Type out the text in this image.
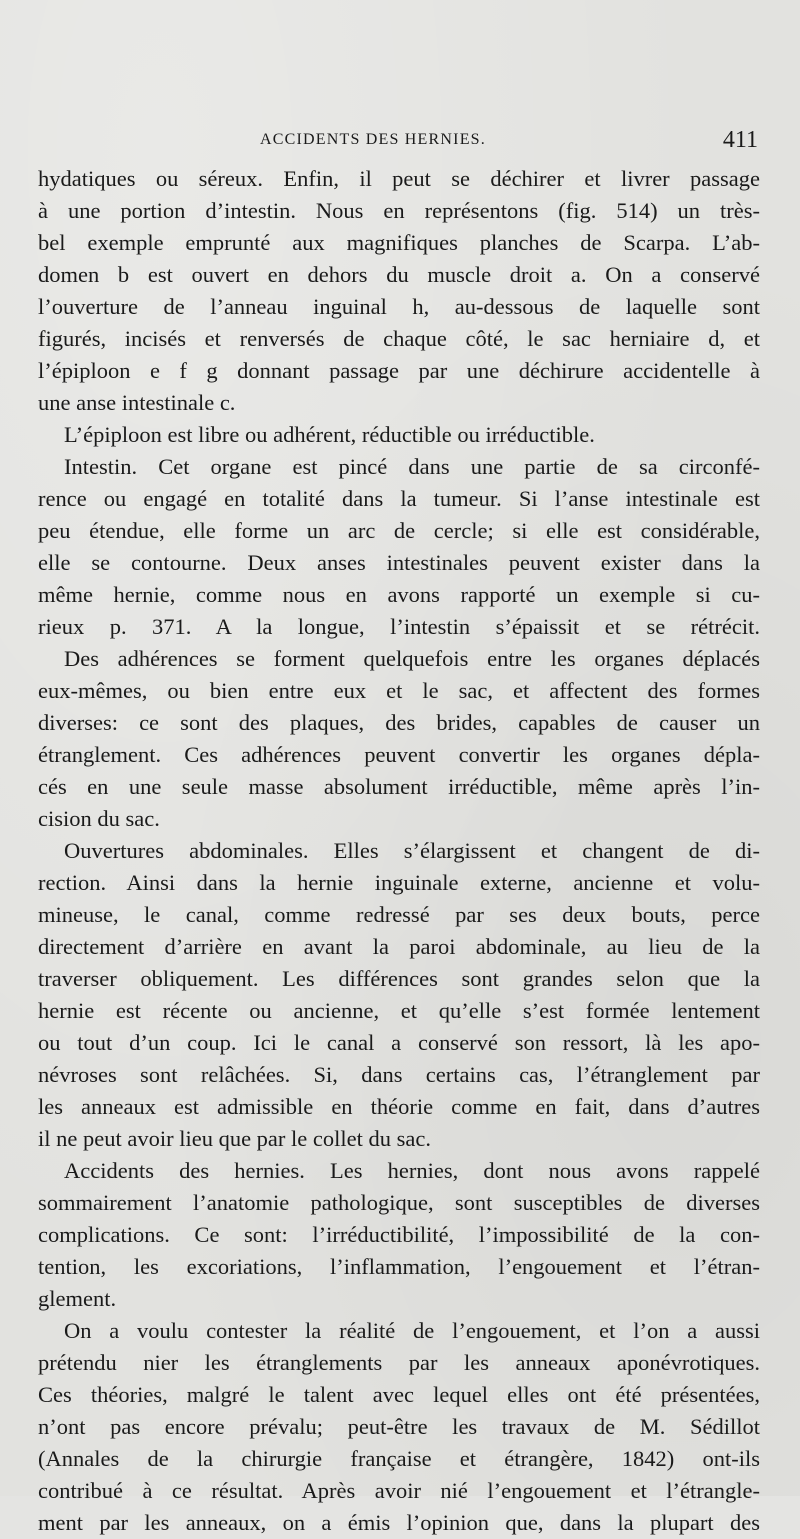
ACCIDENTS DES HERNIES.	411
hydatiques ou séreux. Enfin, il peut se déchirer et livrer passage
à une portion d’intestin. Nous en représentons (fig. 514) un très-
bel exemple emprunté aux magnifiques planches de Scarpa. L’ab-
domen b est ouvert en dehors du muscle droit a. On a conservé
l’ouverture de l’anneau inguinal h, au-dessous de laquelle sont
figurés, incisés et renversés de chaque côté, le sac herniaire d, et
l’épiploon e f g donnant passage par une déchirure accidentelle à
une anse intestinale c.
L’épiploon est libre ou adhérent, réductible ou irréductible.
Intestin. Cet organe est pincé dans une partie de sa circonfé-
rence ou engagé en totalité dans la tumeur. Si l’anse intestinale est
peu étendue, elle forme un arc de cercle; si elle est considérable,
elle se contourne. Deux anses intestinales peuvent exister dans la
même hernie, comme nous en avons rapporté un exemple si cu-
rieux p. 371. A la longue, l’intestin s’épaissit et se rétrécit.
Des adhérences se forment quelquefois entre les organes déplacés
eux-mêmes, ou bien entre eux et le sac, et affectent des formes
diverses: ce sont des plaques, des brides, capables de causer un
étranglement. Ces adhérences peuvent convertir les organes dépla-
cés en une seule masse absolument irréductible, même après l’in-
cision du sac.
Ouvertures abdominales. Elles s’élargissent et changent de di-
rection. Ainsi dans la hernie inguinale externe, ancienne et volu-
mineuse, le canal, comme redressé par ses deux bouts, perce
directement d’arrière en avant la paroi abdominale, au lieu de la
traverser obliquement. Les différences sont grandes selon que la
hernie est récente ou ancienne, et qu’elle s’est formée lentement
ou tout d’un coup. Ici le canal a conservé son ressort, là les apo-
névroses sont relâchées. Si, dans certains cas, l’étranglement par
les anneaux est admissible en théorie comme en fait, dans d’autres
il ne peut avoir lieu que par le collet du sac.
Accidents des hernies. Les hernies, dont nous avons rappelé
sommairement l’anatomie pathologique, sont susceptibles de diverses
complications. Ce sont: l’irréductibilité, l’impossibilité de la con-
tention, les excoriations, l’inflammation, l’engouement et l’étran-
glement.
On a voulu contester la réalité de l’engouement, et l’on a aussi
prétendu nier les étranglements par les anneaux aponévrotiques.
Ces théories, malgré le talent avec lequel elles ont été présentées,
n’ont pas encore prévalu; peut-être les travaux de M. Sédillot
(Annales de la chirurgie française et étrangère, 1842) ont-ils
contribué à ce résultat. Après avoir nié l’engouement et l’étrangle-
ment par les anneaux, on a émis l’opinion que, dans la plupart des
